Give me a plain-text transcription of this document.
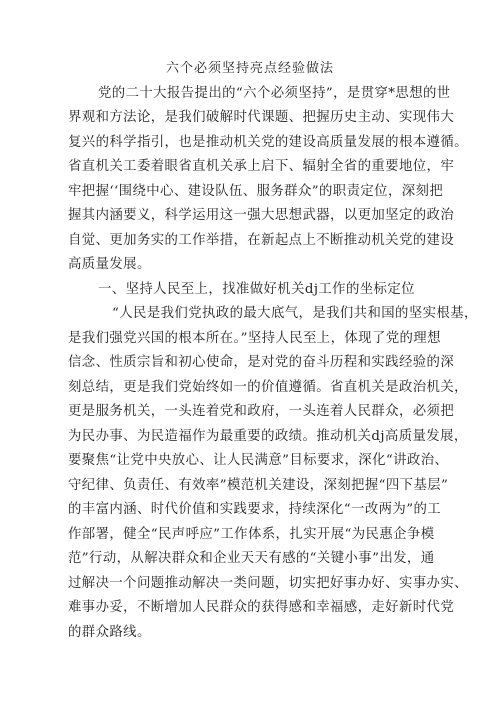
六个必须坚持亮点经验做法
党的二十大报告提出的“六个必须坚持”，是贯穿*思想的世
界观和方法论，是我们破解时代课题、把握历史主动、实现伟大
复兴的科学指引，也是推动机关党的建设高质量发展的根本遵循。
省直机关工委着眼省直机关承上启下、辐射全省的重要地位，牢
牢把握‘‘围绕中心、建设队伍、服务群众”的职责定位，深刻把
握其内涵要义，科学运用这一强大思想武器，以更加坚定的政治
自觉、更加务实的工作举措，在新起点上不断推动机关党的建设
高质量发展。
一、坚持人民至上，找准做好机关dj工作的坐标定位
“人民是我们党执政的最大底气，是我们共和国的坚实根基，
是我们强党兴国的根本所在。”坚持人民至上，体现了党的理想
信念、性质宗旨和初心使命，是对党的奋斗历程和实践经验的深
刻总结，更是我们党始终如一的价值遵循。省直机关是政治机关，
更是服务机关，一头连着党和政府，一头连着人民群众，必须把
为民办事、为民造福作为最重要的政绩。推动机关dj高质量发展，
要聚焦“让党中央放心、让人民满意”目标要求，深化“讲政治、
守纪律、负责任、有效率”模范机关建设，深刻把握“四下基层”
的丰富内涵、时代价值和实践要求，持续深化“一改两为”的工
作部署，健全“民声呼应”工作体系，扎实开展“为民惠企争模
范”行动，从解决群众和企业天天有感的“关键小事”出发，通
过解决一个问题推动解决一类问题，切实把好事办好、实事办实、
难事办妥，不断增加人民群众的获得感和幸福感，走好新时代党
的群众路线。
